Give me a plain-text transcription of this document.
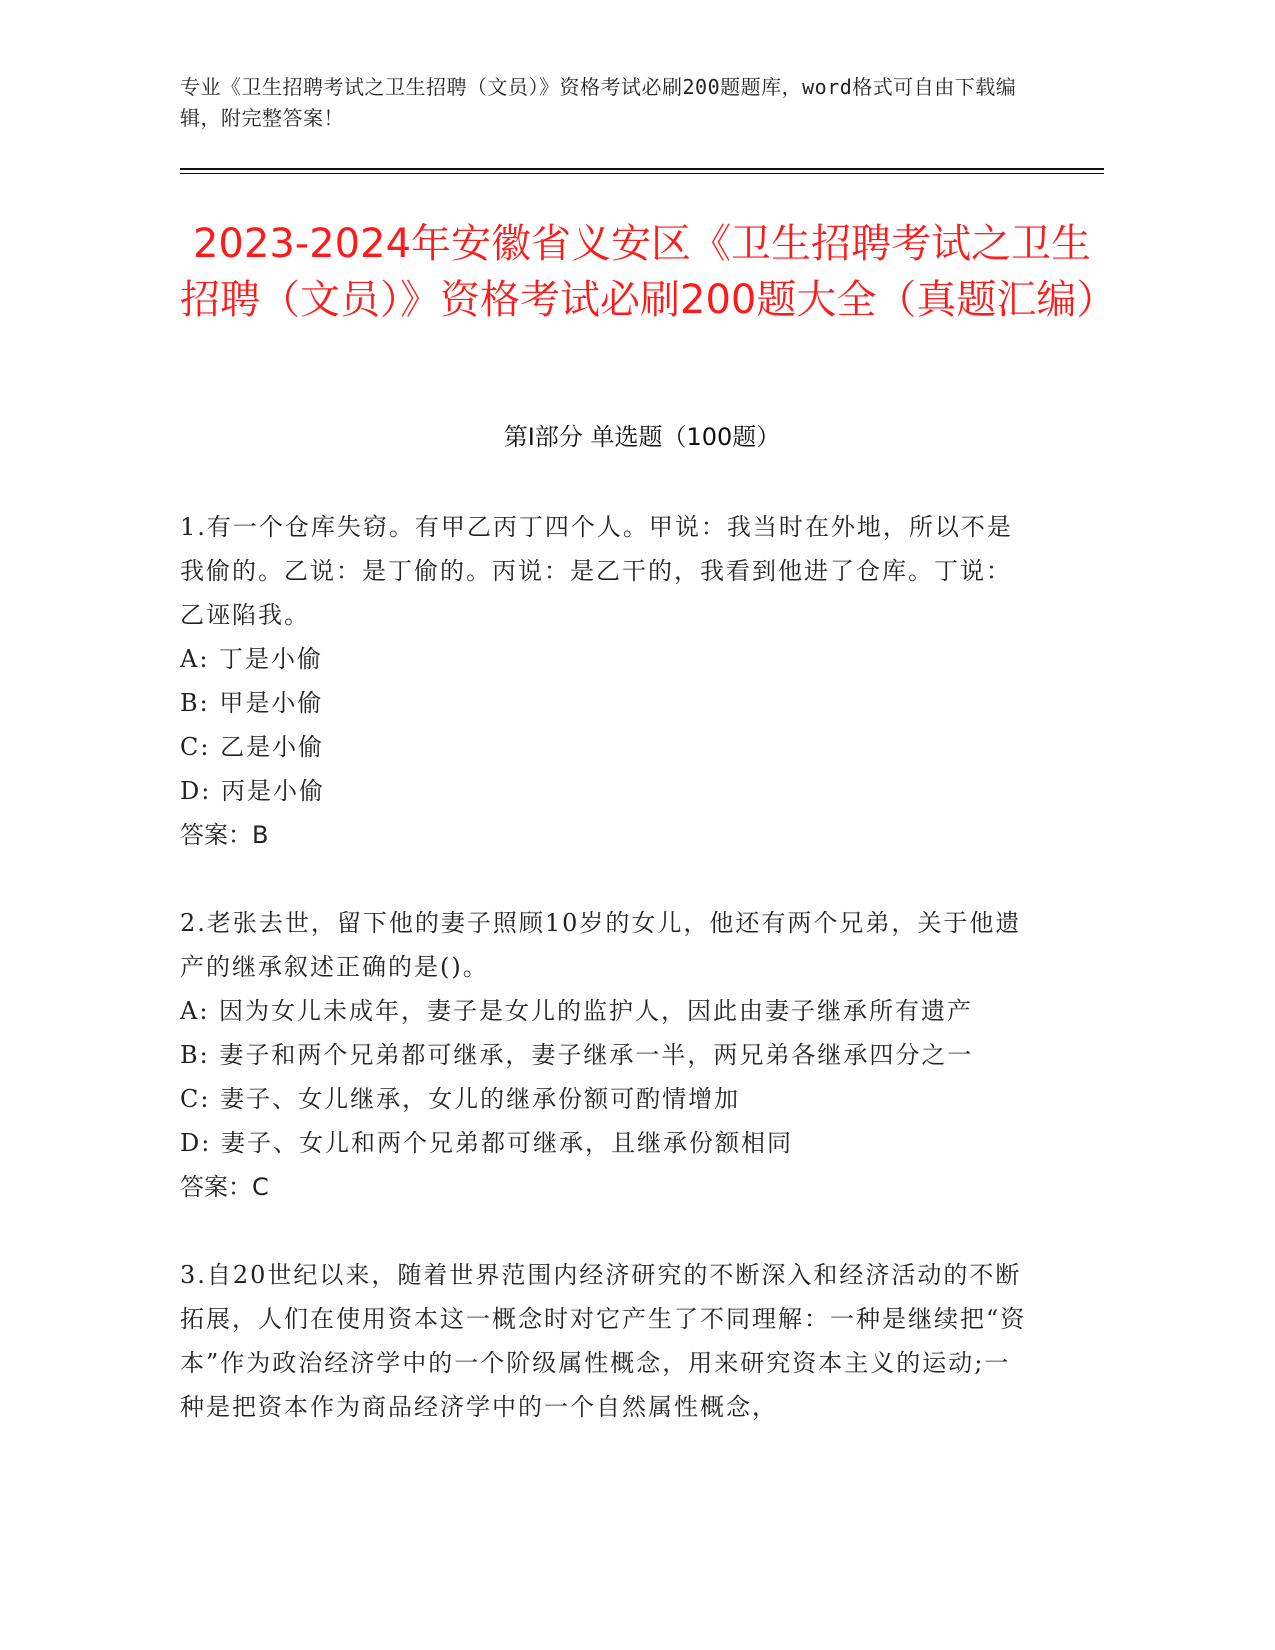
专业《卫生招聘考试之卫生招聘（文员）》资格考试必刷200题题库，word格式可自由下载编辑，附完整答案！
2023-2024年安徽省义安区《卫生招聘考试之卫生招聘（文员）》资格考试必刷200题大全（真题汇编）
第Ⅰ部分 单选题（100题）

1.有一个仓库失窃。有甲乙丙丁四个人。甲说：我当时在外地，所以不是我偷的。乙说：是丁偷的。丙说：是乙干的，我看到他进了仓库。丁说：乙诬陷我。

A: 丁是小偷

B: 甲是小偷

C: 乙是小偷

D: 丙是小偷

答案：B

2.老张去世，留下他的妻子照顾10岁的女儿，他还有两个兄弟，关于他遗产的继承叙述正确的是()。

A: 因为女儿未成年，妻子是女儿的监护人，因此由妻子继承所有遗产

B: 妻子和两个兄弟都可继承，妻子继承一半，两兄弟各继承四分之一

C: 妻子、女儿继承，女儿的继承份额可酌情增加

D: 妻子、女儿和两个兄弟都可继承，且继承份额相同

答案：C

3.自20世纪以来，随着世界范围内经济研究的不断深入和经济活动的不断拓展，人们在使用资本这一概念时对它产生了不同理解：一种是继续把“资本”作为政治经济学中的一个阶级属性概念，用来研究资本主义的运动;一种是把资本作为商品经济学中的一个自然属性概念，
